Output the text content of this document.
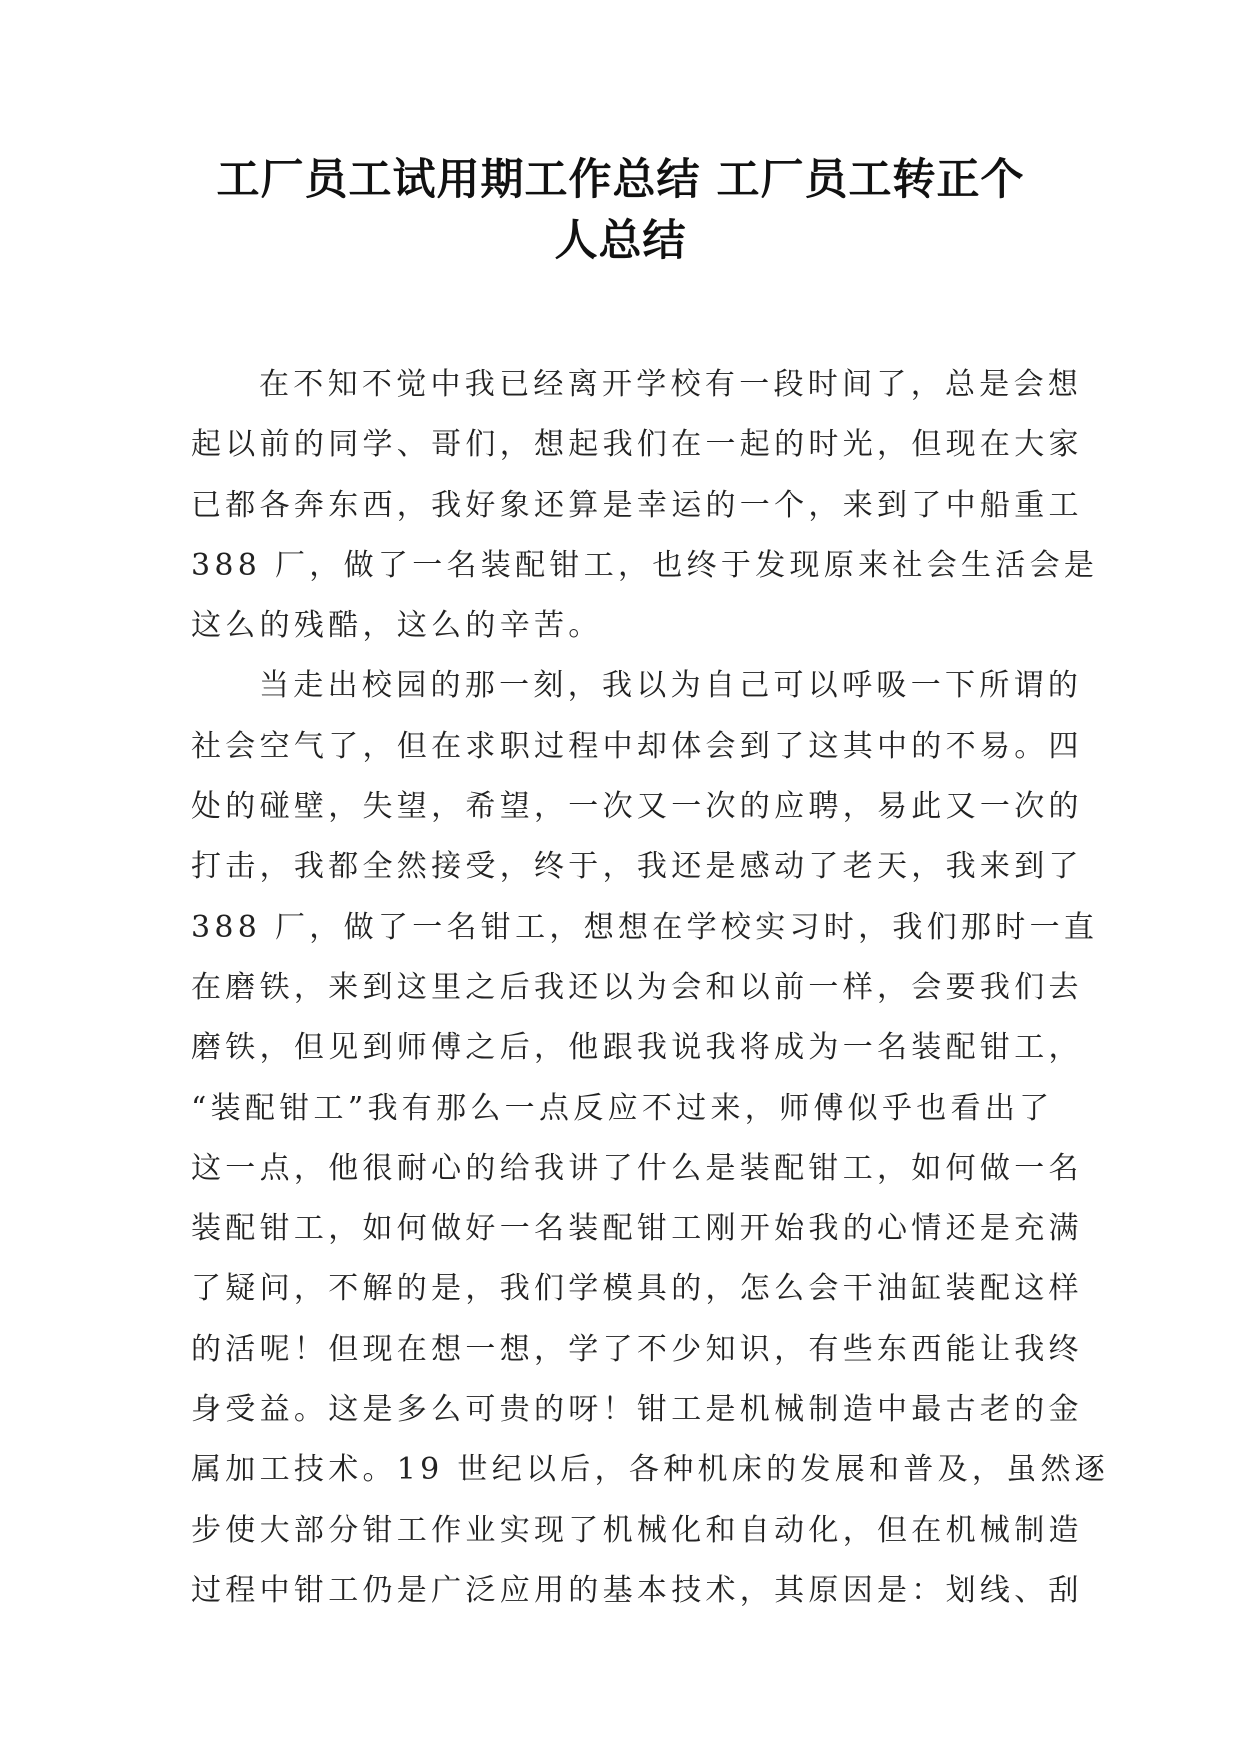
工厂员工试用期工作总结 工厂员工转正个
人总结

在不知不觉中我已经离开学校有一段时间了，总是会想
起以前的同学、哥们，想起我们在一起的时光，但现在大家
已都各奔东西，我好象还算是幸运的一个，来到了中船重工
388 厂，做了一名装配钳工，也终于发现原来社会生活会是
这么的残酷，这么的辛苦。

当走出校园的那一刻，我以为自己可以呼吸一下所谓的
社会空气了，但在求职过程中却体会到了这其中的不易。四
处的碰壁，失望，希望，一次又一次的应聘，易此又一次的
打击，我都全然接受，终于，我还是感动了老天，我来到了
388 厂，做了一名钳工，想想在学校实习时，我们那时一直
在磨铁，来到这里之后我还以为会和以前一样，会要我们去
磨铁，但见到师傅之后，他跟我说我将成为一名装配钳工，
“装配钳工”我有那么一点反应不过来，师傅似乎也看出了
这一点，他很耐心的给我讲了什么是装配钳工，如何做一名
装配钳工，如何做好一名装配钳工刚开始我的心情还是充满
了疑问，不解的是，我们学模具的，怎么会干油缸装配这样
的活呢！但现在想一想，学了不少知识，有些东西能让我终
身受益。这是多么可贵的呀！钳工是机械制造中最古老的金
属加工技术。19 世纪以后，各种机床的发展和普及，虽然逐
步使大部分钳工作业实现了机械化和自动化，但在机械制造
过程中钳工仍是广泛应用的基本技术，其原因是：划线、刮
